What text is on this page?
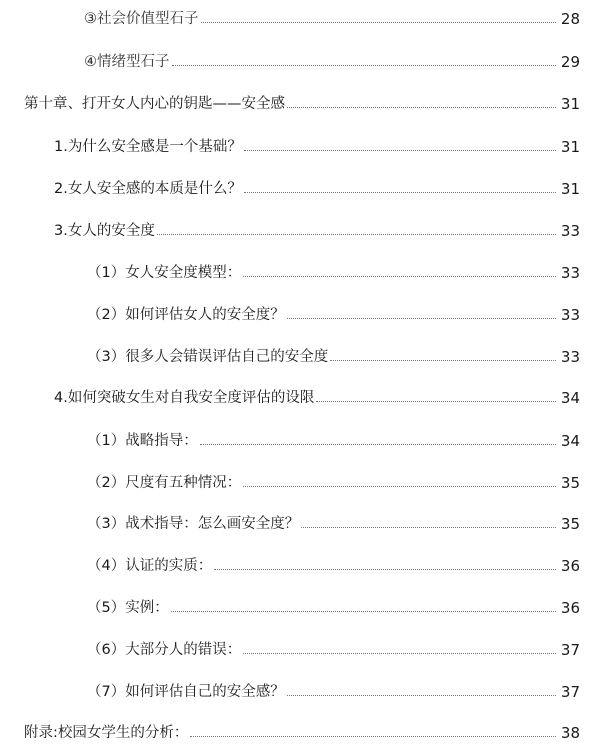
③社会价值型石子	28
④情绪型石子	29
第十章、打开女人内心的钥匙——安全感	31
1.为什么安全感是一个基础？	31
2.女人安全感的本质是什么？	31
3.女人的安全度	33
（1）女人安全度模型：	33
（2）如何评估女人的安全度？	33
（3）很多人会错误评估自己的安全度	33
4.如何突破女生对自我安全度评估的设限	34
（1）战略指导：	34
（2）尺度有五种情况：	35
（3）战术指导：怎么画安全度？	35
（4）认证的实质：	36
（5）实例：	36
（6）大部分人的错误：	37
（7）如何评估自己的安全感？	37
附录:校园女学生的分析：	38
